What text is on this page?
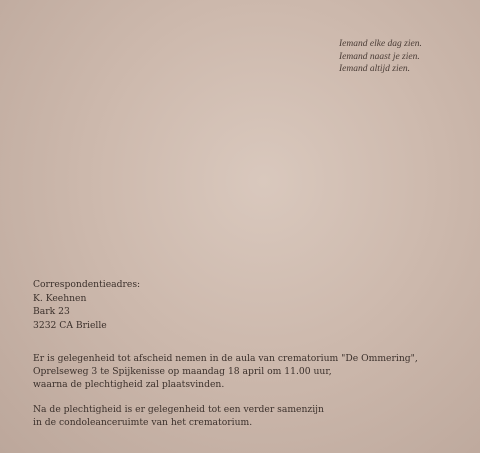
Iemand elke dag zien.
Iemand naast je zien.
Iemand altijd zien.
Correspondentieadres:
K. Keehnen
Bark 23
3232 CA Brielle
Er is gelegenheid tot afscheid nemen in de aula van crematorium "De Ommering",
Oprelseweg 3 te Spijkenisse op maandag 18 april om 11.00 uur,
waarna de plechtigheid zal plaatsvinden.
Na de plechtigheid is er gelegenheid tot een verder samenzijn
in de condoleanceruimte van het crematorium.
